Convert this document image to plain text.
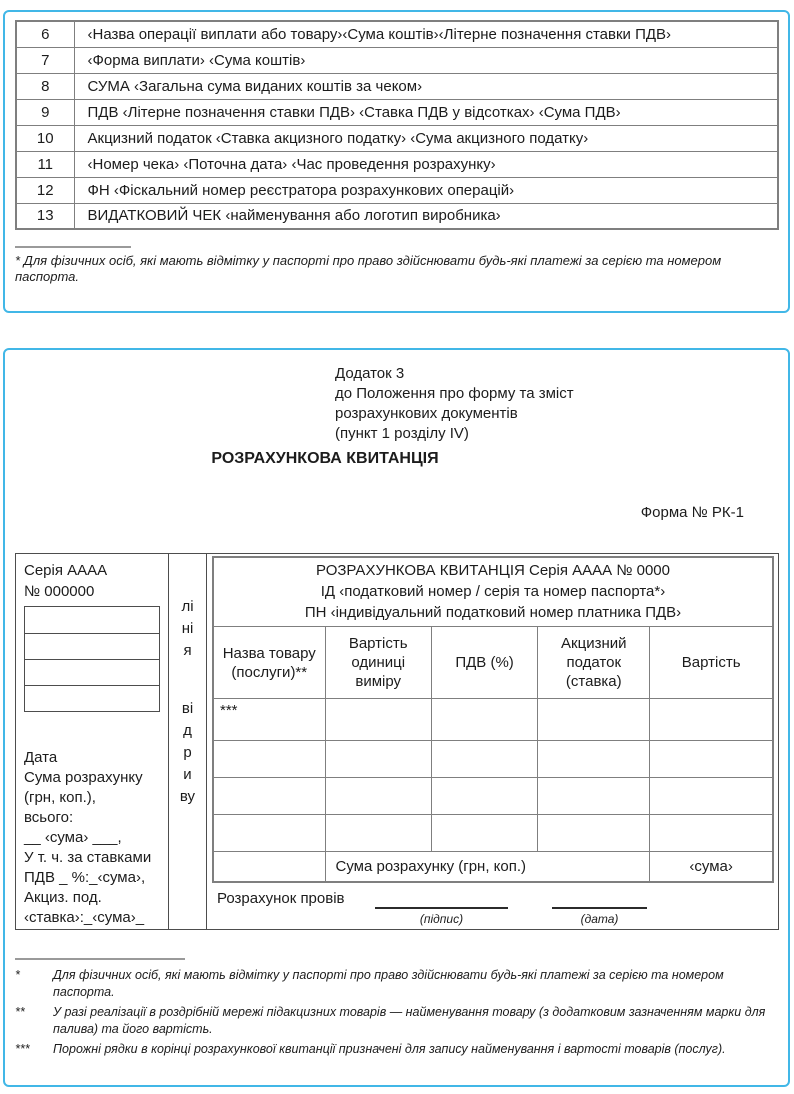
6	‹Назва операції виплати або товару›‹Сума коштів›‹Літерне позначення ставки ПДВ›
7	‹Форма виплати› ‹Сума коштів›
8	СУМА ‹Загальна сума виданих коштів за чеком›
9	ПДВ ‹Літерне позначення ставки ПДВ› ‹Ставка ПДВ у відсотках› ‹Сума ПДВ›
10	Акцизний податок ‹Ставка акцизного податку› ‹Сума акцизного податку›
11	‹Номер чека› ‹Поточна дата› ‹Час проведення розрахунку›
12	ФН ‹Фіскальний номер реєстратора розрахункових операцій›
13	ВИДАТКОВИЙ ЧЕК ‹найменування або логотип виробника›
* Для фізичних осіб, які мають відмітку у паспорті про право здійснювати будь-які платежі за серією та номером паспорта.
Додаток 3
до Положення про форму та зміст
розрахункових документів
(пункт 1 розділу IV)
РОЗРАХУНКОВА КВИТАНЦІЯ
Форма № РК-1
Серія АААА
№ 000000
Дата
Сума розрахунку
(грн, коп.),
всього:
__ ‹сума› ___,
У т. ч. за ставками
ПДВ _ %:_‹сума›,
Акциз. под.
‹ставка›:_‹сума›_
лінія
відриву
РОЗРАХУНКОВА КВИТАНЦІЯ Серія АААА № 0000
ІД ‹податковий номер / серія та номер паспорта*›
ПН ‹індивідуальний податковий номер платника ПДВ›				

Назва товару (послуги)**	Вартість одиниці виміру	ПДВ (%)	Акцизний податок (ставка)	Вартість
***				

	Сума розрахунку (грн, коп.)			‹сума›
Розрахунок провів
(підпис)	(дата)
*	Для фізичних осіб, які мають відмітку у паспорті про право здійснювати будь-які платежі за серією та номером паспорта.
**	У разі реалізації в роздрібній мережі підакцизних товарів — найменування товару (з додатковим зазначенням марки для палива) та його вартість.
***	Порожні рядки в корінці розрахункової квитанції призначені для запису найменування і вартості товарів (послуг).
